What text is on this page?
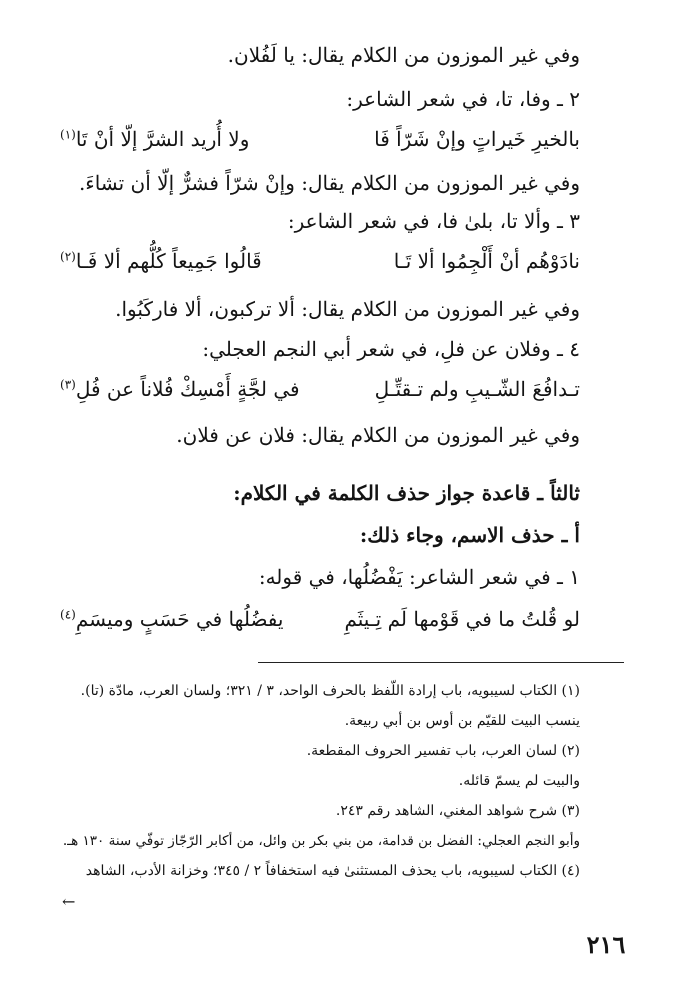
وفي غير الموزون من الكلام يقال: يا لَفُلان.
٢ ـ وفا، تا، في شعر الشاعر:
بالخيرِ خَيراتٍ وإنْ شَرّاً فَا
ولا أُريد الشرَّ إلّا أنْ تَا$^{(١)}$
وفي غير الموزون من الكلام يقال: وإنْ شرّاً فشرٌّ إلّا أن تشاءَ.
٣ ـ وألا تا، بلىٰ فا، في شعر الشاعر:
نادَوْهُم أنْ أَلْجِمُوا ألا تَـا
قَالُوا جَمِيعاً كُلُّهم ألا فَـا$^{(٢)}$
وفي غير الموزون من الكلام يقال: ألا تركبون، ألا فاركَبُوا.
٤ ـ وفلان عن فلِ، في شعر أبي النجم العجلي:
تـدافُعَ الشّـيبِ ولم تـقتِّـلِ
في لجَّةٍ أَمْسِكْ فُلاناً عن فُلِ$^{(٣)}$
وفي غير الموزون من الكلام يقال: فلان عن فلان.
ثالثاً ـ قاعدة جواز حذف الكلمة في الكلام:
أ ـ حذف الاسم، وجاء ذلك:
١ ـ في شعر الشاعر: يَفْضُلُها، في قوله:
لو قُلتُ ما في قَوْمها لَم تِـيثَمِ
يفضُلُها في حَسَبٍ وميسَمِ$^{(٤)}$
(١) الكتاب لسيبويه، باب إرادة اللّفظ بالحرف الواحد، ٣ / ٣٢١؛ ولسان العرب، مادّة (تا).
ينسب البيت للقيّم بن أوس بن أبي ربيعة.
(٢) لسان العرب، باب تفسير الحروف المقطعة.
والبيت لم يسمّ قائله.
(٣) شرح شواهد المغني، الشاهد رقم ٢٤٣.
وأبو النجم العجلي: الفضل بن قدامة، من بني بكر بن وائل، من أكابر الرّجّاز توفّي سنة ١٣٠ هـ.
(٤) الكتاب لسيبويه، باب يحذف المستثنىٰ فيه استخفافاً ٢ / ٣٤٥؛ وخزانة الأدب، الشاهد
←
٢١٦
